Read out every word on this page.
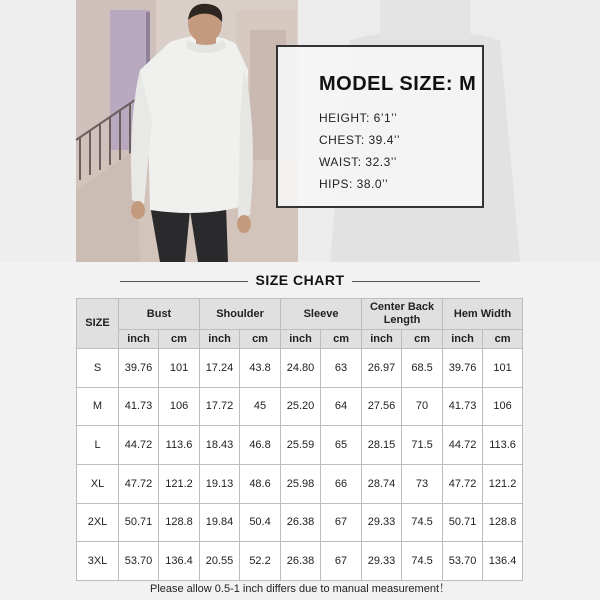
MODEL SIZE: M
HEIGHT: 6’1’’
CHEST: 39.4’’
WAIST: 32.3’’
HIPS: 38.0’’
SIZE CHART
SIZE	Bust		Shoulder		Sleeve		Center Back Length		Hem Width	
	inch	cm	inch	cm	inch	cm	inch	cm	inch	cm
S	39.76	101	17.24	43.8	24.80	63	26.97	68.5	39.76	101
M	41.73	106	17.72	45	25.20	64	27.56	70	41.73	106
L	44.72	113.6	18.43	46.8	25.59	65	28.15	71.5	44.72	113.6
XL	47.72	121.2	19.13	48.6	25.98	66	28.74	73	47.72	121.2
2XL	50.71	128.8	19.84	50.4	26.38	67	29.33	74.5	50.71	128.8
3XL	53.70	136.4	20.55	52.2	26.38	67	29.33	74.5	53.70	136.4
Please allow 0.5-1 inch differs due to manual measurement！
